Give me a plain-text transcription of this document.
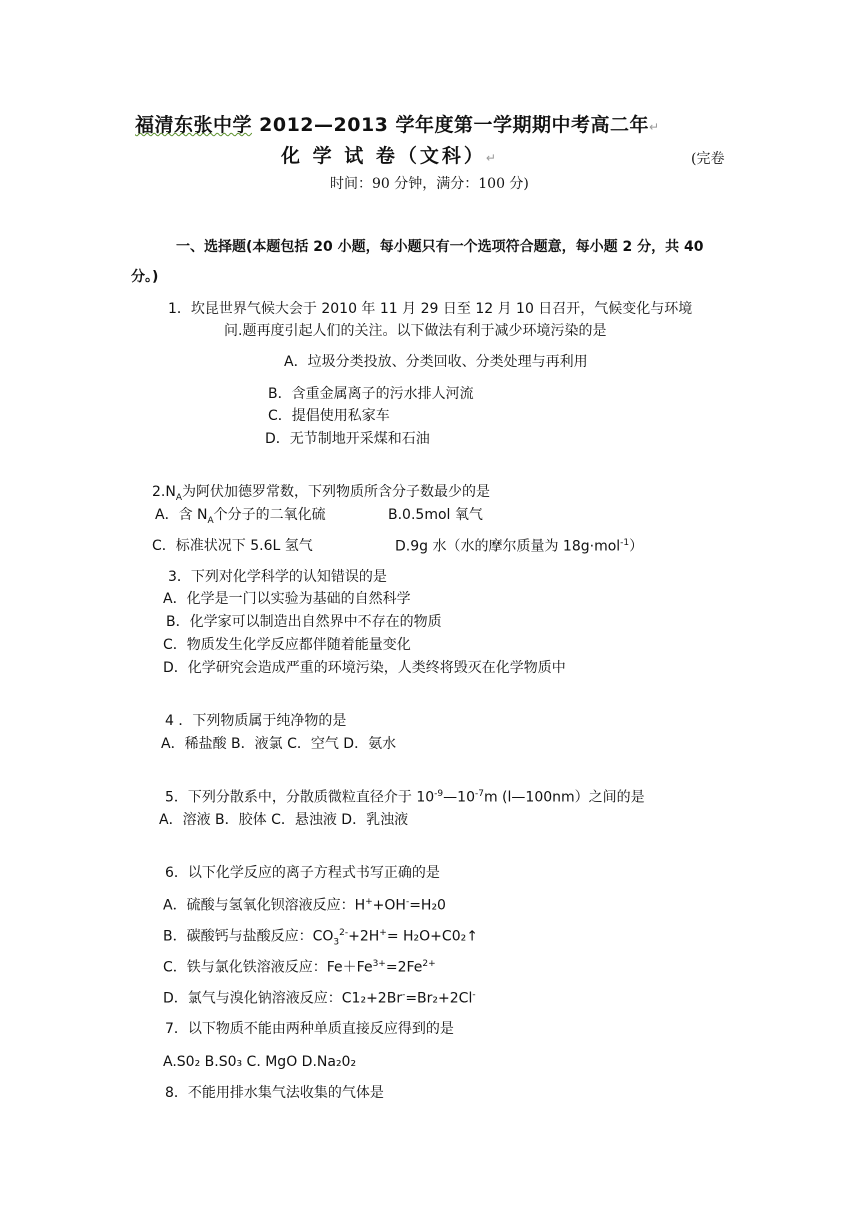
福清东张中学 2012—2013 学年度第一学期期中考高二年↵
化 学 试 卷（文科）↵	(完卷
时间：90 分钟，满分：100 分)
一、选择题(本题包括 20 小题，每小题只有一个选项符合题意，每小题 2 分，共 40
分。)
1．坎昆世界气候大会于 2010 年 11 月 29 日至 12 月 10 日召开，气候变化与环境
问.题再度引起人们的关注。以下做法有利于减少环境污染的是
A．垃圾分类投放、分类回收、分类处理与再利用
B．含重金属离子的污水排人河流
C．提倡使用私家车
D．无节制地开采煤和石油
$2.N_A$为阿伏加德罗常数，下列物质所含分子数最少的是
A．含 $N_A$个分子的二氧化硫	B.0.5mol 氧气
C．标准状况下 5.6L 氢气	D.9g 水（水的摩尔质量为 18g·mol$^{-1}$）
3．下列对化学科学的认知错误的是
A．化学是一门以实验为基础的自然科学
B．化学家可以制造出自然界中不存在的物质
C．物质发生化学反应都伴随着能量变化
D．化学研究会造成严重的环境污染，人类终将毁灭在化学物质中
4 ．下列物质属于纯净物的是
A．稀盐酸 B．液氯 C．空气 D．氨水
5．下列分散系中，分散质微粒直径介于 $10^{-9}—10^{-7}m$ (l—100nm）之间的是
A．溶液 B．胶体 C．悬浊液 D．乳浊液
6．以下化学反应的离子方程式书写正确的是
A．硫酸与氢氧化钡溶液反应：H++OH-=H₂0
B．碳酸钙与盐酸反应：$CO_3^{2-}+2H^+=$ H₂O+C0₂↑
C．铁与氯化铁溶液反应：$Fe+Fe^{3+}=2Fe^{2+}$
D．氯气与溴化钠溶液反应：C1₂+2Br-=Br₂+2Cl-
7．以下物质不能由两种单质直接反应得到的是
A.S0₂ B.S0₃ C. MgO D.Na₂0₂
8．不能用排水集气法收集的气体是
